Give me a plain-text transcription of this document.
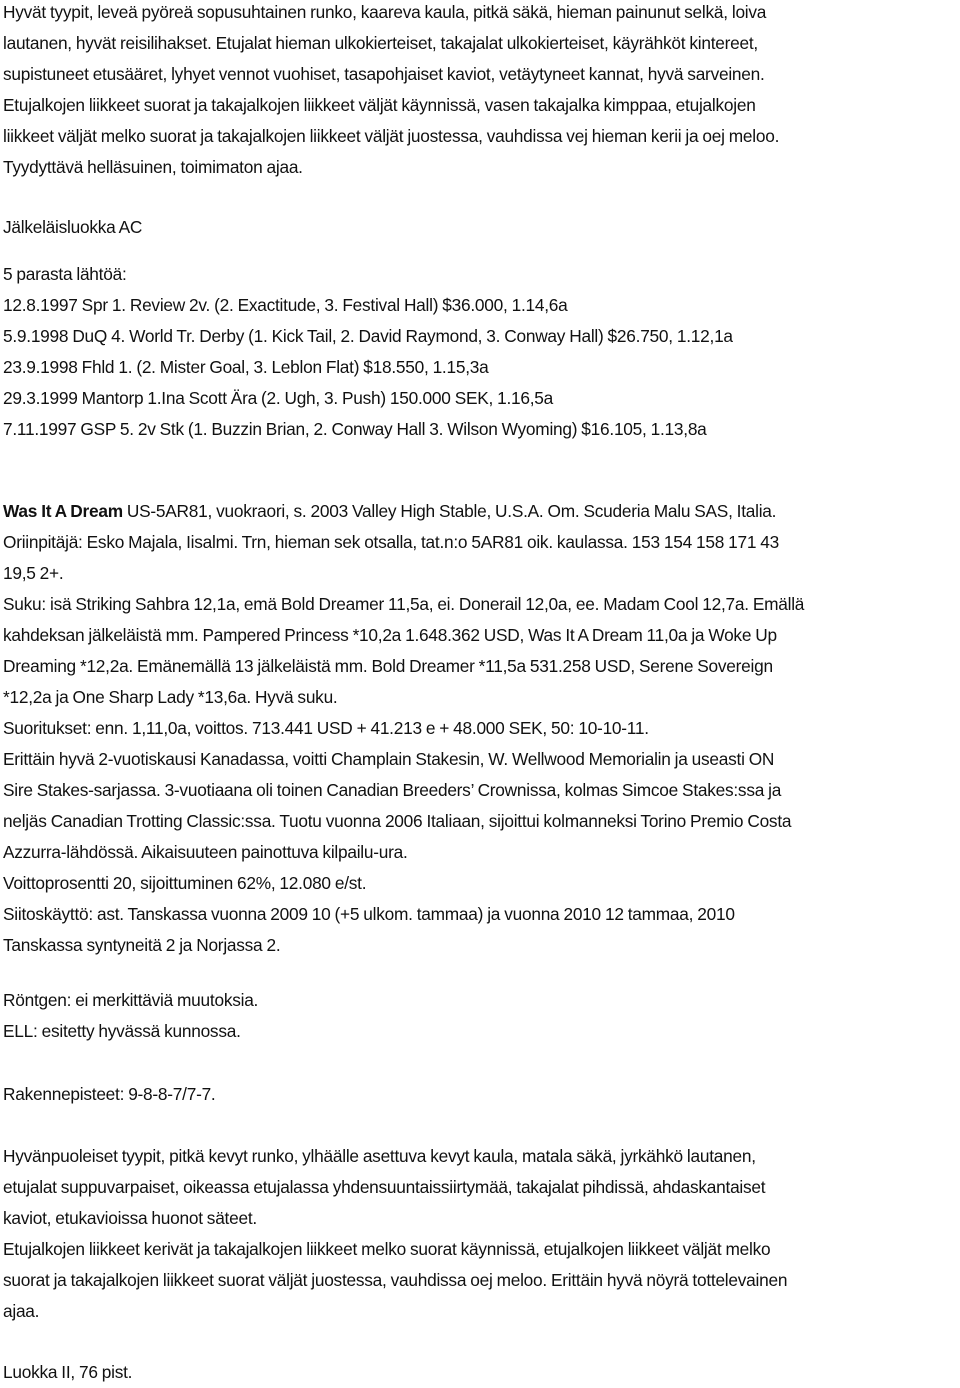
Hyvät tyypit, leveä pyöreä sopusuhtainen runko, kaareva kaula, pitkä säkä, hieman painunut selkä, loiva
lautanen, hyvät reisilihakset. Etujalat hieman ulkokierteiset, takajalat ulkokierteiset, käyrähköt kintereet,
supistuneet etusääret, lyhyet vennot vuohiset, tasapohjaiset kaviot, vetäytyneet kannat, hyvä sarveinen.
Etujalkojen liikkeet suorat ja takajalkojen liikkeet väljät käynnissä, vasen takajalka kimppaa, etujalkojen
liikkeet väljät melko suorat ja takajalkojen liikkeet väljät juostessa, vauhdissa vej hieman kerii ja oej meloo.
Tyydyttävä helläsuinen, toimimaton ajaa.
Jälkeläisluokka AC
5 parasta lähtöä:
12.8.1997 Spr 1. Review 2v. (2. Exactitude, 3. Festival Hall) $36.000, 1.14,6a
5.9.1998 DuQ 4. World Tr. Derby (1. Kick Tail, 2. David Raymond, 3. Conway Hall) $26.750, 1.12,1a
23.9.1998 Fhld 1. (2. Mister Goal, 3. Leblon Flat) $18.550, 1.15,3a
29.3.1999 Mantorp 1.Ina Scott Ära (2. Ugh, 3. Push) 150.000 SEK, 1.16,5a
7.11.1997 GSP 5. 2v Stk (1. Buzzin Brian, 2. Conway Hall 3. Wilson Wyoming) $16.105, 1.13,8a
Was It A Dream US-5AR81, vuokraori, s. 2003 Valley High Stable, U.S.A. Om. Scuderia Malu SAS, Italia.
Oriinpitäjä: Esko Majala, Iisalmi. Trn, hieman sek otsalla, tat.n:o 5AR81 oik. kaulassa. 153 154 158 171 43
19,5 2+.
Suku: isä Striking Sahbra 12,1a, emä Bold Dreamer 11,5a, ei. Donerail 12,0a, ee. Madam Cool 12,7a. Emällä
kahdeksan jälkeläistä mm. Pampered Princess *10,2a 1.648.362 USD, Was It A Dream 11,0a ja Woke Up
Dreaming *12,2a. Emänemällä 13 jälkeläistä mm. Bold Dreamer *11,5a 531.258 USD, Serene Sovereign
*12,2a ja One Sharp Lady *13,6a. Hyvä suku.
Suoritukset: enn. 1,11,0a, voittos. 713.441 USD + 41.213 e + 48.000 SEK, 50: 10-10-11.
Erittäin hyvä 2-vuotiskausi Kanadassa, voitti Champlain Stakesin, W. Wellwood Memorialin ja useasti ON
Sire Stakes-sarjassa. 3-vuotiaana oli toinen Canadian Breeders’ Crownissa, kolmas Simcoe Stakes:ssa ja
neljäs Canadian Trotting Classic:ssa. Tuotu vuonna 2006 Italiaan, sijoittui kolmanneksi Torino Premio Costa
Azzurra-lähdössä. Aikaisuuteen painottuva kilpailu-ura.
Voittoprosentti 20, sijoittuminen 62%, 12.080 e/st.
Siitoskäyttö: ast. Tanskassa vuonna 2009 10 (+5 ulkom. tammaa) ja vuonna 2010 12 tammaa, 2010
Tanskassa syntyneitä 2 ja Norjassa 2.
Röntgen: ei merkittäviä muutoksia.
ELL: esitetty hyvässä kunnossa.
Rakennepisteet: 9-8-8-7/7-7.
Hyvänpuoleiset tyypit, pitkä kevyt runko, ylhäälle asettuva kevyt kaula, matala säkä, jyrkähkö lautanen,
etujalat suppuvarpaiset, oikeassa etujalassa yhdensuuntaissiirtymää, takajalat pihdissä, ahdaskantaiset
kaviot, etukavioissa huonot säteet.
Etujalkojen liikkeet kerivät ja takajalkojen liikkeet melko suorat käynnissä, etujalkojen liikkeet väljät melko
suorat ja takajalkojen liikkeet suorat väljät juostessa, vauhdissa oej meloo. Erittäin hyvä nöyrä tottelevainen
ajaa.
Luokka II, 76 pist.
